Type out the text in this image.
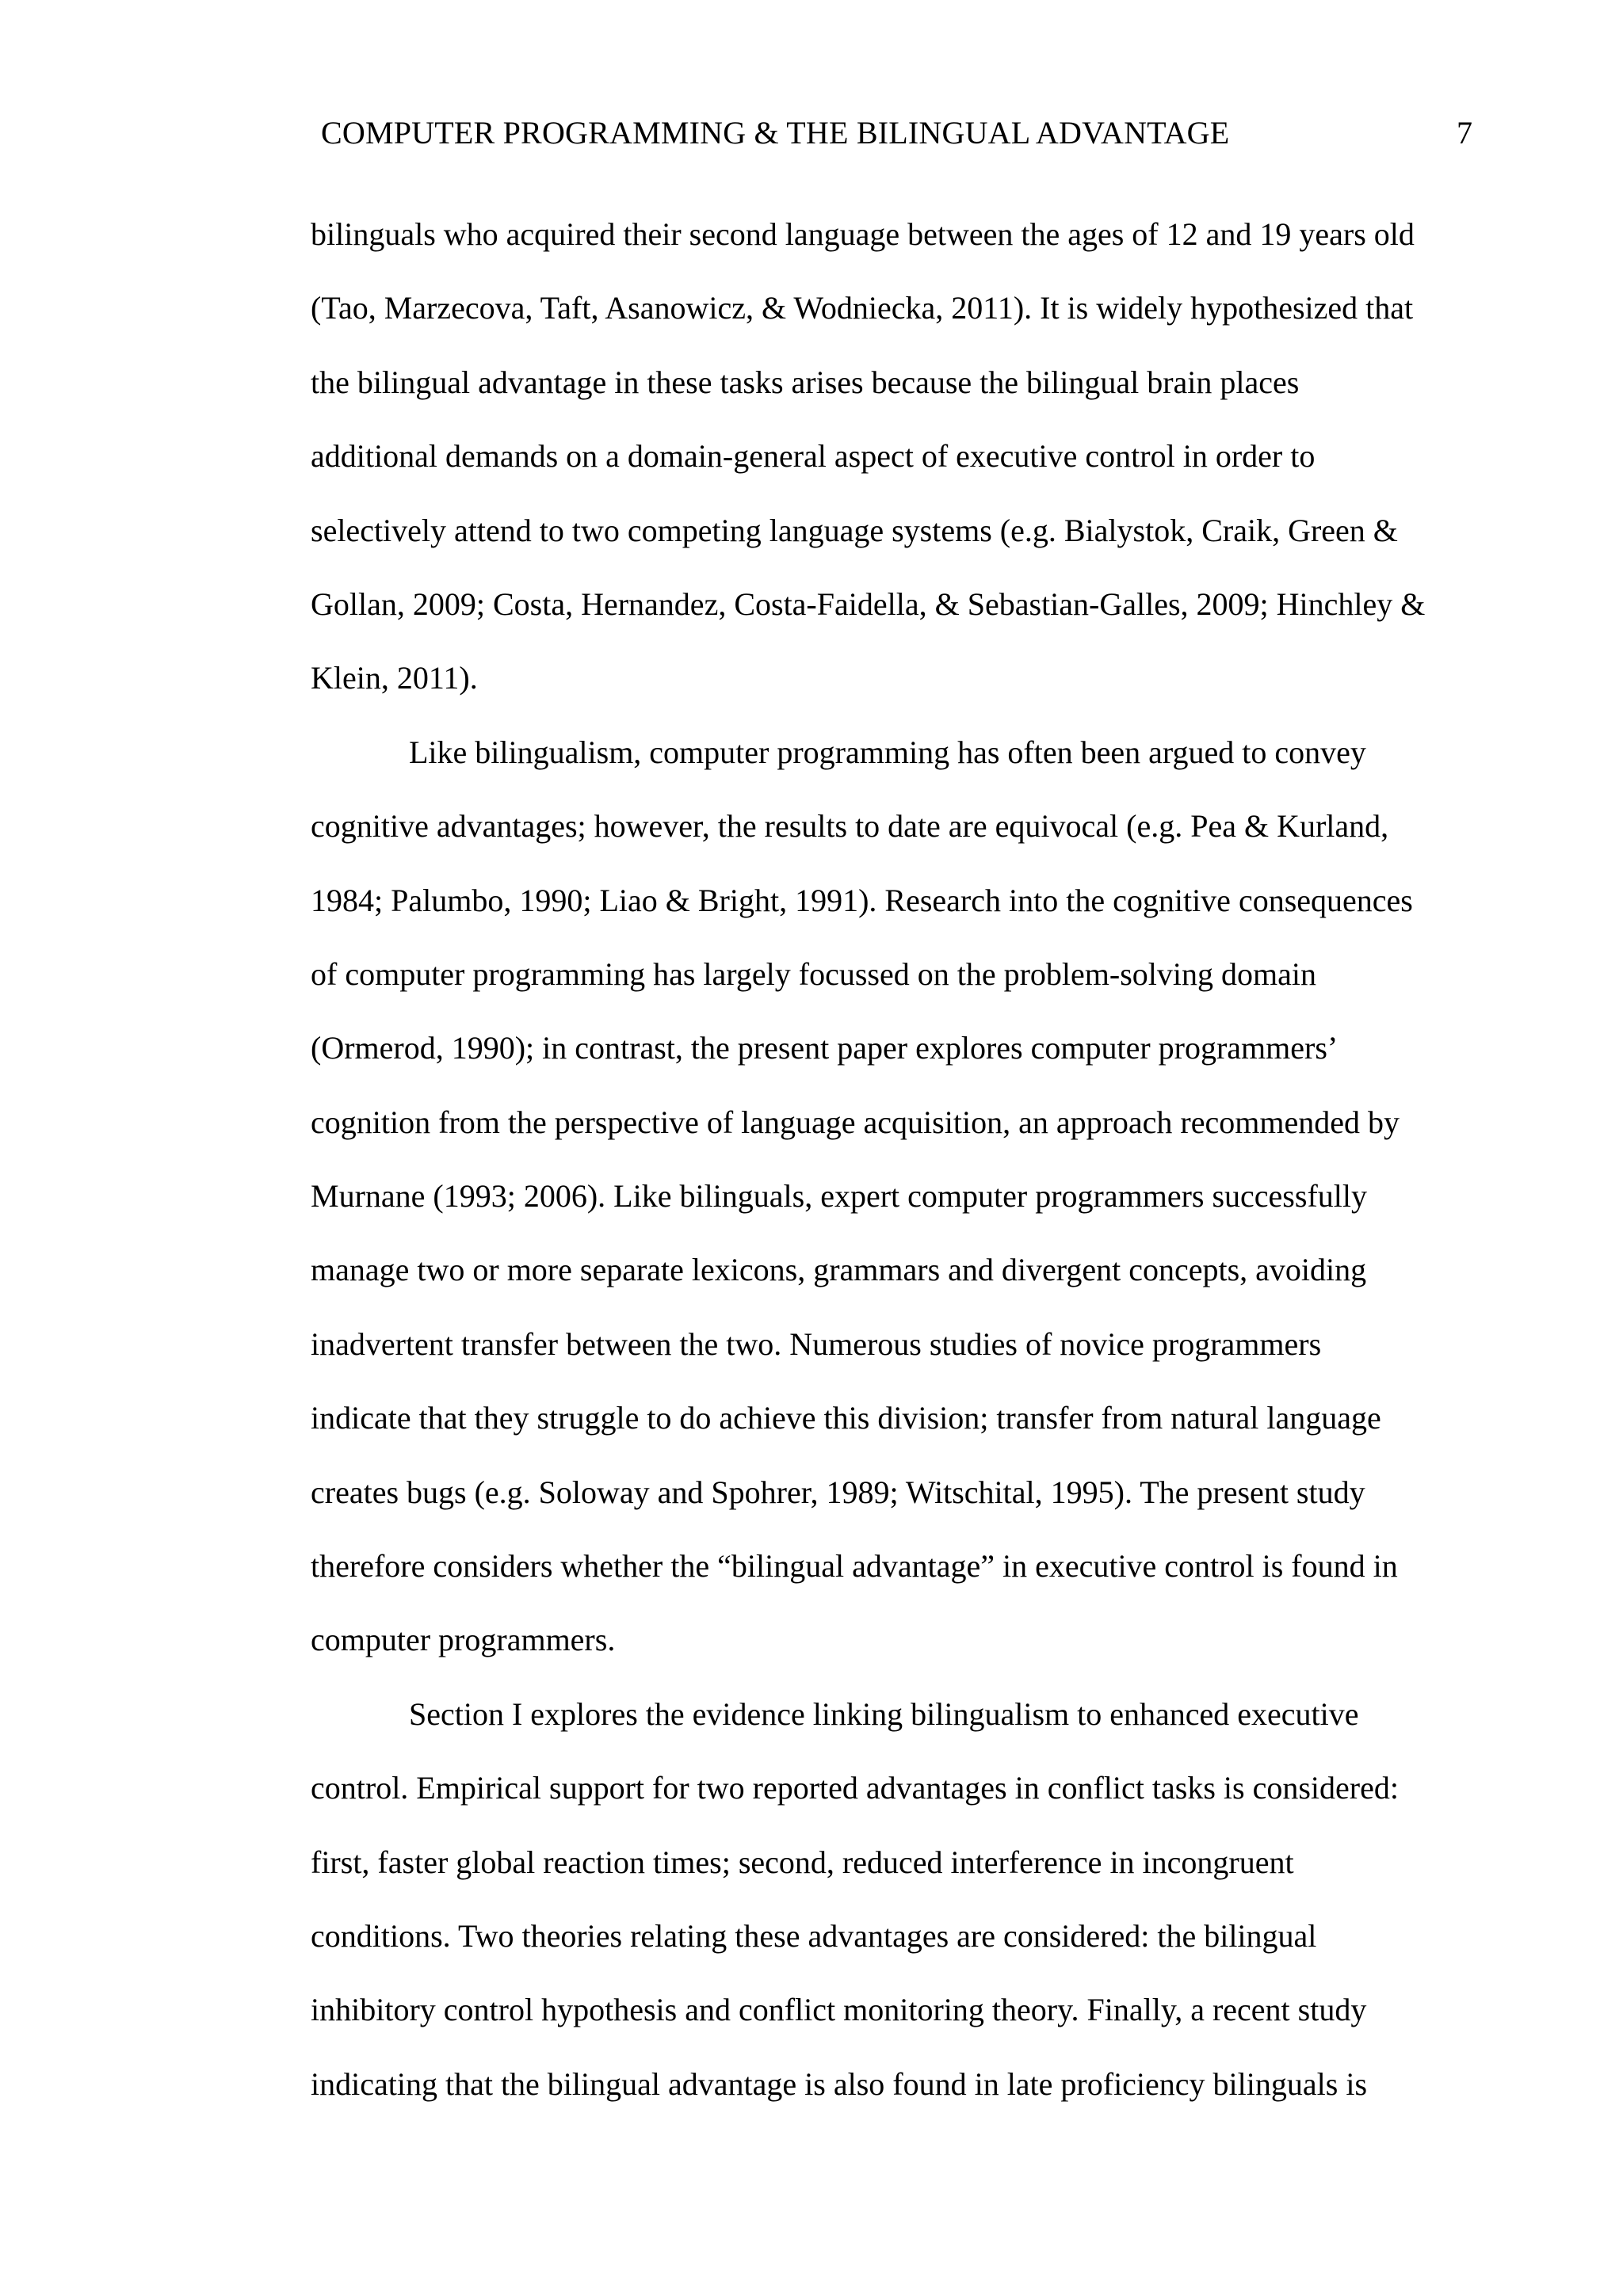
COMPUTER PROGRAMMING & THE BILINGUAL ADVANTAGE	7
bilinguals who acquired their second language between the ages of 12 and 19 years old
(Tao, Marzecova, Taft, Asanowicz, & Wodniecka, 2011). It is widely hypothesized that
the bilingual advantage in these tasks arises because the bilingual brain places
additional demands on a domain-general aspect of executive control in order to
selectively attend to two competing language systems (e.g. Bialystok, Craik, Green &
Gollan, 2009; Costa, Hernandez, Costa-Faidella, & Sebastian-Galles, 2009; Hinchley &
Klein, 2011).
Like bilingualism, computer programming has often been argued to convey
cognitive advantages; however, the results to date are equivocal (e.g. Pea & Kurland,
1984; Palumbo, 1990; Liao & Bright, 1991). Research into the cognitive consequences
of computer programming has largely focussed on the problem-solving domain
(Ormerod, 1990); in contrast, the present paper explores computer programmers’
cognition from the perspective of language acquisition, an approach recommended by
Murnane (1993; 2006). Like bilinguals, expert computer programmers successfully
manage two or more separate lexicons, grammars and divergent concepts, avoiding
inadvertent transfer between the two. Numerous studies of novice programmers
indicate that they struggle to do achieve this division; transfer from natural language
creates bugs (e.g. Soloway and Spohrer, 1989; Witschital, 1995). The present study
therefore considers whether the “bilingual advantage” in executive control is found in
computer programmers.
Section I explores the evidence linking bilingualism to enhanced executive
control. Empirical support for two reported advantages in conflict tasks is considered:
first, faster global reaction times; second, reduced interference in incongruent
conditions. Two theories relating these advantages are considered: the bilingual
inhibitory control hypothesis and conflict monitoring theory. Finally, a recent study
indicating that the bilingual advantage is also found in late proficiency bilinguals is
